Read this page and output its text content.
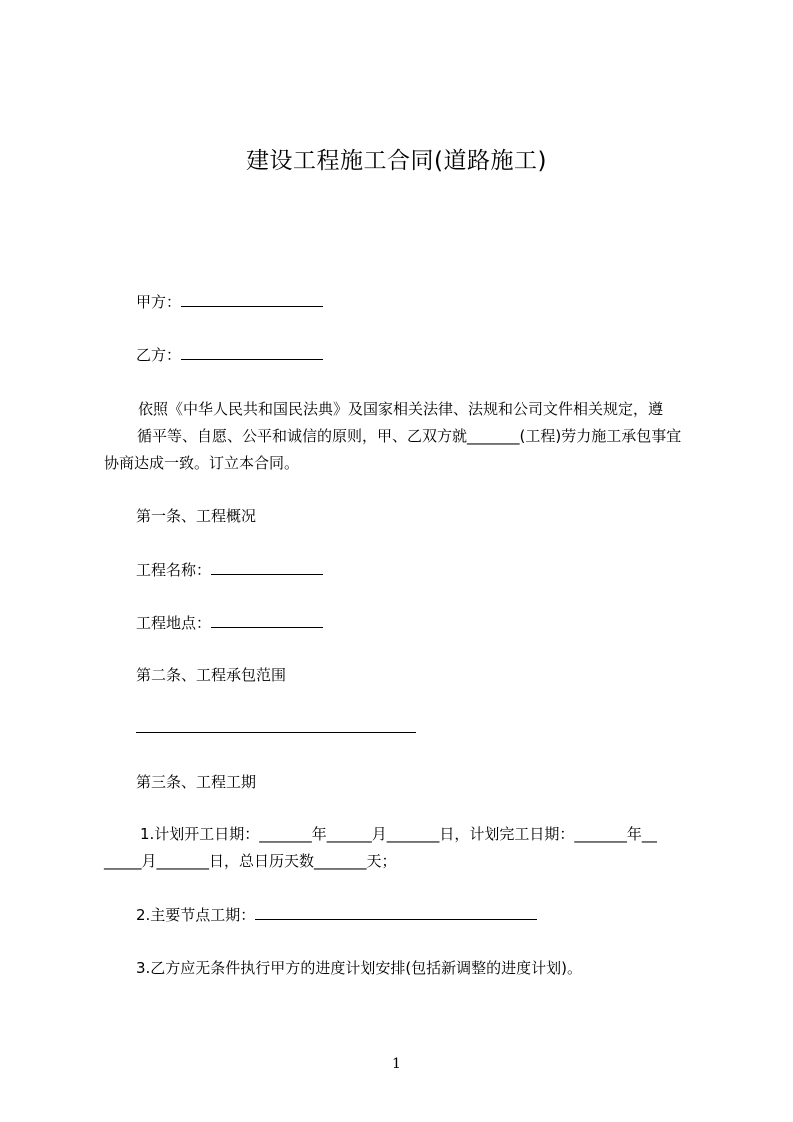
建设工程施工合同(道路施工)
甲方：
乙方：
依照《中华人民共和国民法典》及国家相关法律、法规和公司文件相关规定，遵
循平等、自愿、公平和诚信的原则，甲、乙双方就_______(工程)劳力施工承包事宜
协商达成一致。订立本合同。
第一条、工程概况
工程名称：
工程地点：
第二条、工程承包范围
第三条、工程工期
1.计划开工日期：_______年______月_______日，计划完工日期：_______年__
_____月_______日，总日历天数_______天；
2.主要节点工期：
3.乙方应无条件执行甲方的进度计划安排(包括新调整的进度计划)。
1
